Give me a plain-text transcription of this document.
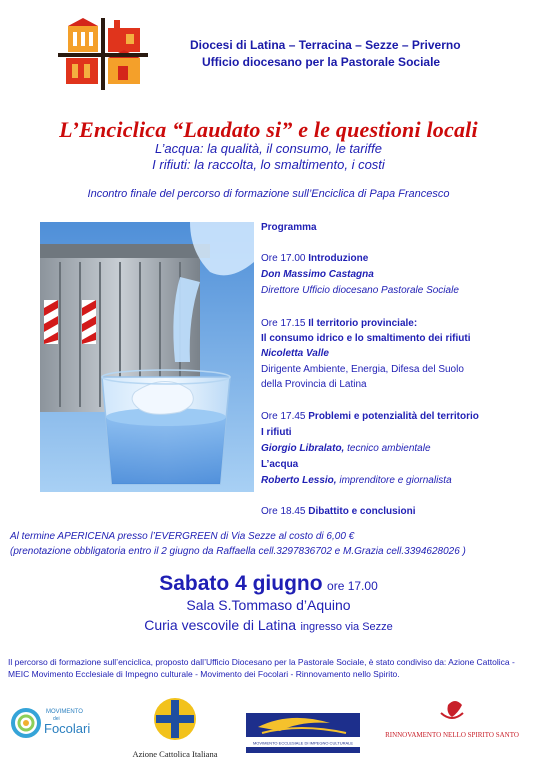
Diocesi di Latina – Terracina – Sezze – Priverno
Ufficio diocesano per la Pastorale Sociale
L’Enciclica “Laudato si” e le questioni locali
L’acqua: la qualità, il consumo, le tariffe
I rifiuti: la raccolta, lo smaltimento, i costi
Incontro finale del percorso di formazione sull’Enciclica di Papa Francesco
Programma
Ore 17.00 Introduzione
Don Massimo Castagna
Direttore Ufficio diocesano Pastorale Sociale
Ore 17.15 Il territorio provinciale:
Il consumo idrico e lo smaltimento dei rifiuti
Nicoletta Valle
Dirigente Ambiente, Energia, Difesa del Suolo
della Provincia di Latina
Ore 17.45 Problemi e potenzialità del territorio
I rifiuti
Giorgio Libralato, tecnico ambientale
L’acqua
Roberto Lessio, imprenditore e giornalista
Ore 18.45 Dibattito e conclusioni
Al termine APERICENA presso l’EVERGREEN di Via Sezze al costo di 6,00 €
(prenotazione obbligatoria entro il 2 giugno da Raffaella cell.3297836702 e M.Grazia cell.3394628026 )
Sabato 4 giugno ore 17.00
Sala S.Tommaso d’Aquino
Curia vescovile di Latina ingresso via Sezze
Il percorso di formazione sull’enciclica, proposto dall’Ufficio Diocesano per la Pastorale Sociale, è stato condiviso da: Azione Cattolica - MEIC Movimento Ecclesiale di Impegno culturale - Movimento dei Focolari - Rinnovamento nello Spirito.
MOVIMENTO
dei
Focolari
Azione Cattolica Italiana
MOVIMENTO ECCLESIALE DI IMPEGNO CULTURALE
RINNOVAMENTO NELLO SPIRITO SANTO
